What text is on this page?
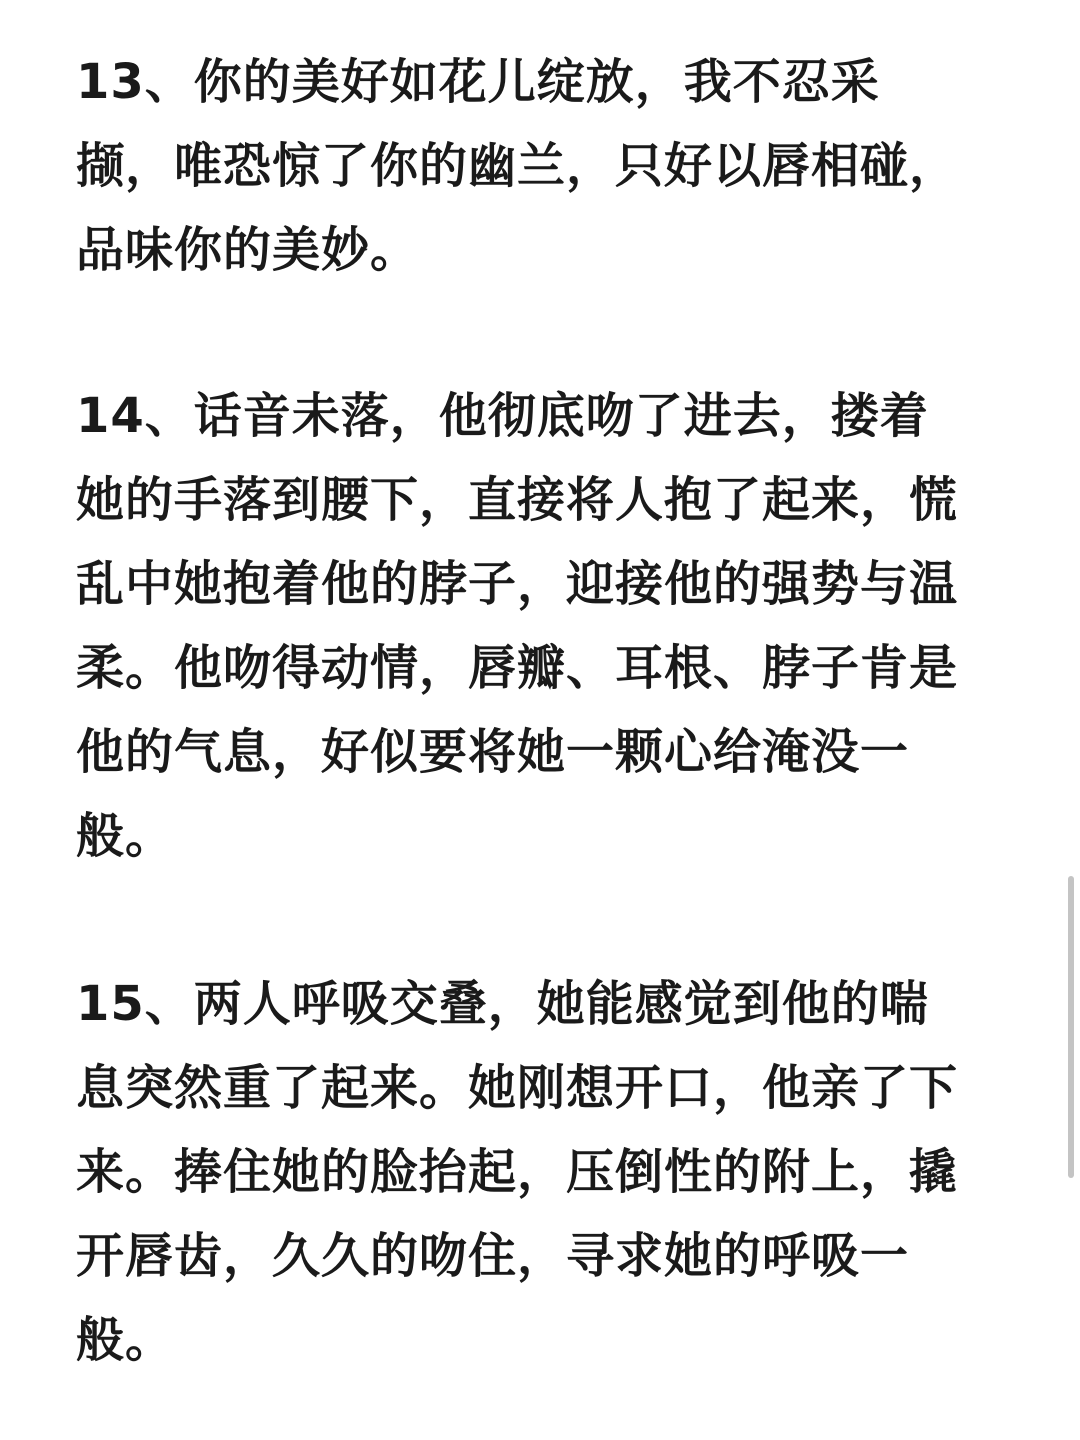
13、你的美好如花儿绽放，我不忍采
撷，唯恐惊了你的幽兰，只好以唇相碰，
品味你的美妙。
14、话音未落，他彻底吻了进去，搂着
她的手落到腰下，直接将人抱了起来，慌
乱中她抱着他的脖子，迎接他的强势与温
柔。他吻得动情，唇瓣、耳根、脖子肯是
他的气息，好似要将她一颗心给淹没一
般。
15、两人呼吸交叠，她能感觉到他的喘
息突然重了起来。她刚想开口，他亲了下
来。捧住她的脸抬起，压倒性的附上，撬
开唇齿，久久的吻住，寻求她的呼吸一
般。
